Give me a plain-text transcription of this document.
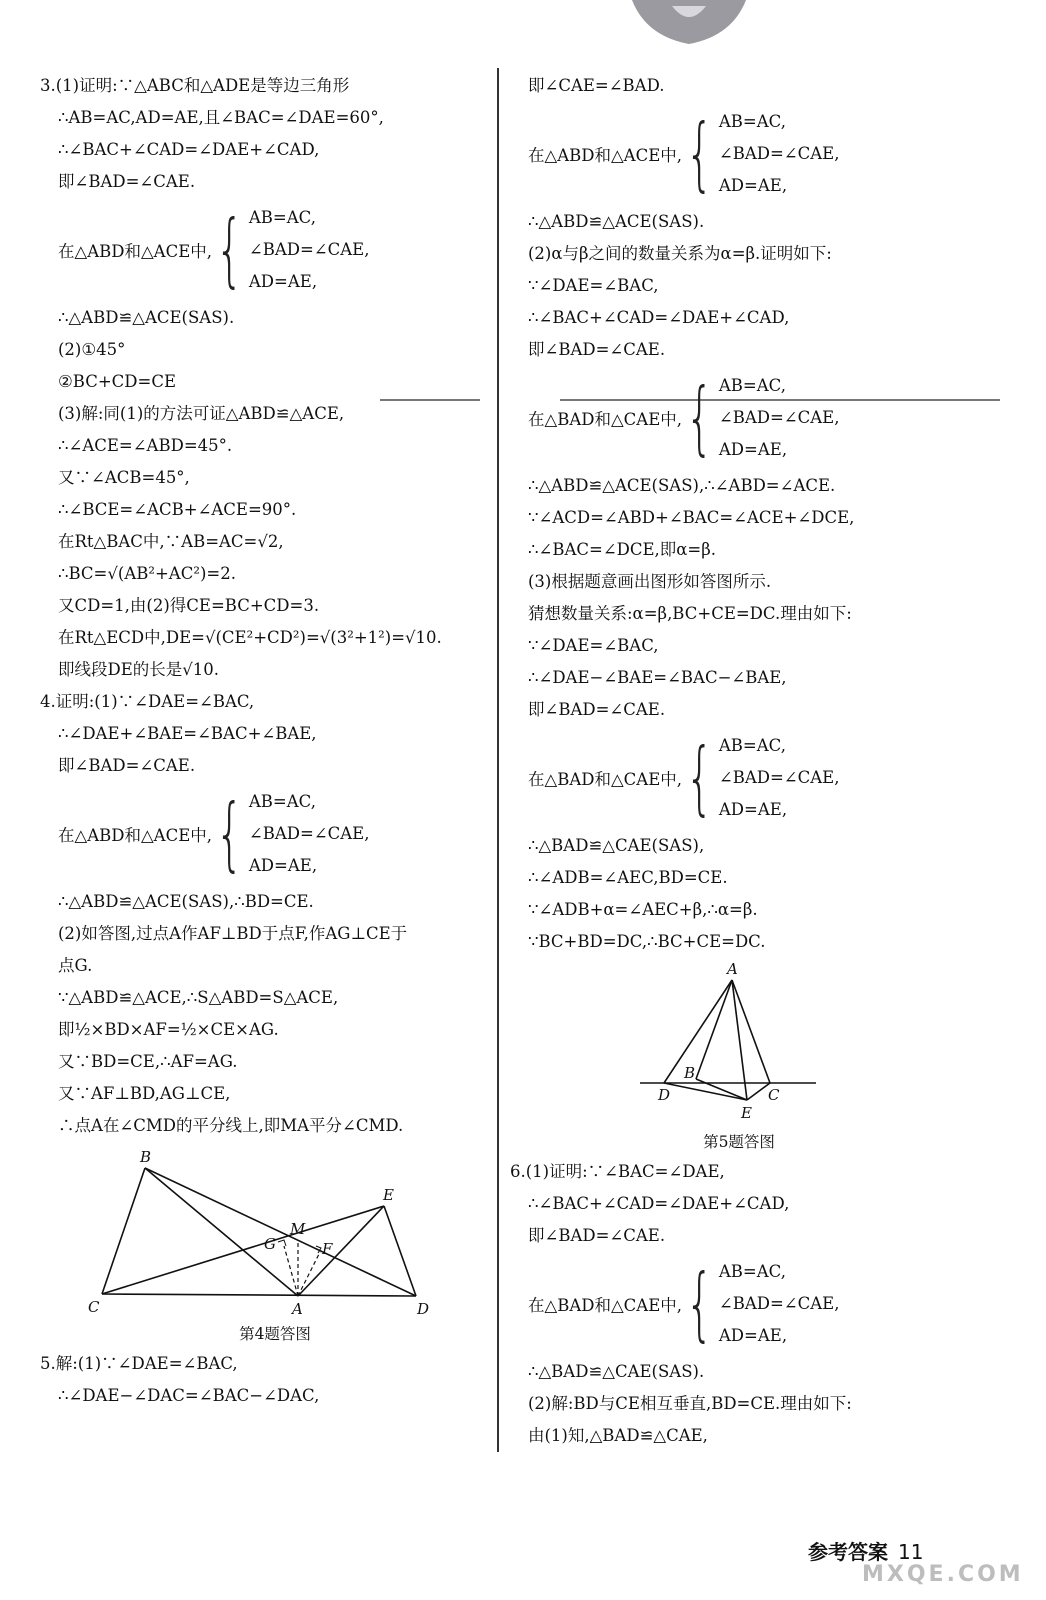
3.(1)证明:∵△ABC和△ADE是等边三角形
∴AB=AC,AD=AE,且∠BAC=∠DAE=60°,
∴∠BAC+∠CAD=∠DAE+∠CAD,
即∠BAD=∠CAE.
在△ABD和△ACE中, { AB=AC,
∠BAD=∠CAE,
AD=AE,
∴△ABD≌△ACE(SAS).
(2)①45°
②BC+CD=CE
(3)解:同(1)的方法可证△ABD≌△ACE,
∴∠ACE=∠ABD=45°.
又∵∠ACB=45°,
∴∠BCE=∠ACB+∠ACE=90°.
在Rt△BAC中,∵AB=AC=√2,
∴BC=√(AB²+AC²)=2.
又CD=1,由(2)得CE=BC+CD=3.
在Rt△ECD中,DE=√(CE²+CD²)=√(3²+1²)=√10.
即线段DE的长是√10.
4.证明:(1)∵∠DAE=∠BAC,
∴∠DAE+∠BAE=∠BAC+∠BAE,
即∠BAD=∠CAE.
在△ABD和△ACE中, { AB=AC,
∠BAD=∠CAE,
AD=AE,
∴△ABD≌△ACE(SAS),∴BD=CE.
(2)如答图,过点A作AF⊥BD于点F,作AG⊥CE于
点G.
∵△ABD≌△ACE,∴S△ABD=S△ACE,
即½×BD×AF=½×CE×AG.
又∵BD=CE,∴AF=AG.
又∵AF⊥BD,AG⊥CE,
∴点A在∠CMD的平分线上,即MA平分∠CMD.
B
E
M
G	F
C	A	D
第4题答图
5.解:(1)∵∠DAE=∠BAC,
∴∠DAE−∠DAC=∠BAC−∠DAC,
即∠CAE=∠BAD.
在△ABD和△ACE中, { AB=AC,
∠BAD=∠CAE,
AD=AE,
∴△ABD≌△ACE(SAS).
(2)α与β之间的数量关系为α=β.证明如下:
∵∠DAE=∠BAC,
∴∠BAC+∠CAD=∠DAE+∠CAD,
即∠BAD=∠CAE.
在△BAD和△CAE中, { AB=AC,
∠BAD=∠CAE,
AD=AE,
∴△ABD≌△ACE(SAS),∴∠ABD=∠ACE.
∵∠ACD=∠ABD+∠BAC=∠ACE+∠DCE,
∴∠BAC=∠DCE,即α=β.
(3)根据题意画出图形如答图所示.
猜想数量关系:α=β,BC+CE=DC.理由如下:
∵∠DAE=∠BAC,
∴∠DAE−∠BAE=∠BAC−∠BAE,
即∠BAD=∠CAE.
在△BAD和△CAE中, { AB=AC,
∠BAD=∠CAE,
AD=AE,
∴△BAD≌△CAE(SAS),
∴∠ADB=∠AEC,BD=CE.
∵∠ADB+α=∠AEC+β,∴α=β.
∵BC+BD=DC,∴BC+CE=DC.
A
B
D	C
E
第5题答图
6.(1)证明:∵∠BAC=∠DAE,
∴∠BAC+∠CAD=∠DAE+∠CAD,
即∠BAD=∠CAE.
在△BAD和△CAE中, { AB=AC,
∠BAD=∠CAE,
AD=AE,
∴△BAD≌△CAE(SAS).
(2)解:BD与CE相互垂直,BD=CE.理由如下:
由(1)知,△BAD≌△CAE,
参考答案 11
MXQE.COM
